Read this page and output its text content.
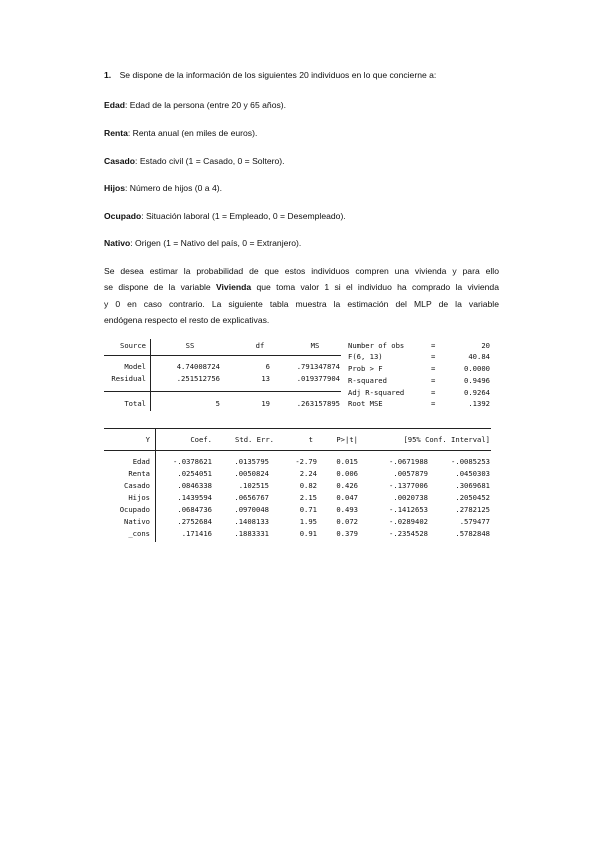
1. Se dispone de la información de los siguientes 20 individuos en lo que concierne a:
Edad: Edad de la persona (entre 20 y 65 años).
Renta: Renta anual (en miles de euros).
Casado: Estado civil (1 = Casado, 0 = Soltero).
Hijos: Número de hijos (0 a 4).
Ocupado: Situación laboral (1 = Empleado, 0 = Desempleado).
Nativo: Origen (1 = Nativo del país, 0 = Extranjero).
Se desea estimar la probabilidad de que estos individuos compren una vivienda y para ello
se dispone de la variable Vivienda que toma valor 1 si el individuo ha comprado la vivienda
y 0 en caso contrario. La siguiente tabla muestra la estimación del MLP de la variable
endógena respecto el resto de explicativas.
Source	SS	df	MS
Model	4.74008724	6	.791347874
Residual	.251512756	13	.019377904
Total	5	19	.263157895
Number of obs	=	20
F(6, 13)	=	40.84
Prob > F	=	0.0000
R-squared	=	0.9496
Adj R-squared	=	0.9264
Root MSE	=	.1392
Y	Coef.	Std. Err.	t	P>|t|	[95% Conf. Interval]
Edad	-.0378621	.0135795	-2.79	0.015	-.0671988	-.0085253
Renta	.0254051	.0050824	2.24	0.006	.0057879	.0450303
Casado	.0846338	.102515	0.82	0.426	-.1377006	.3069681
Hijos	.1439594	.0656767	2.15	0.047	.0020738	.2050452
Ocupado	.0684736	.0970048	0.71	0.493	-.1412653	.2782125
Nativo	.2752684	.1408133	1.95	0.072	-.0289402	.579477
_cons	.171416	.1883331	0.91	0.379	-.2354528	.5782848
